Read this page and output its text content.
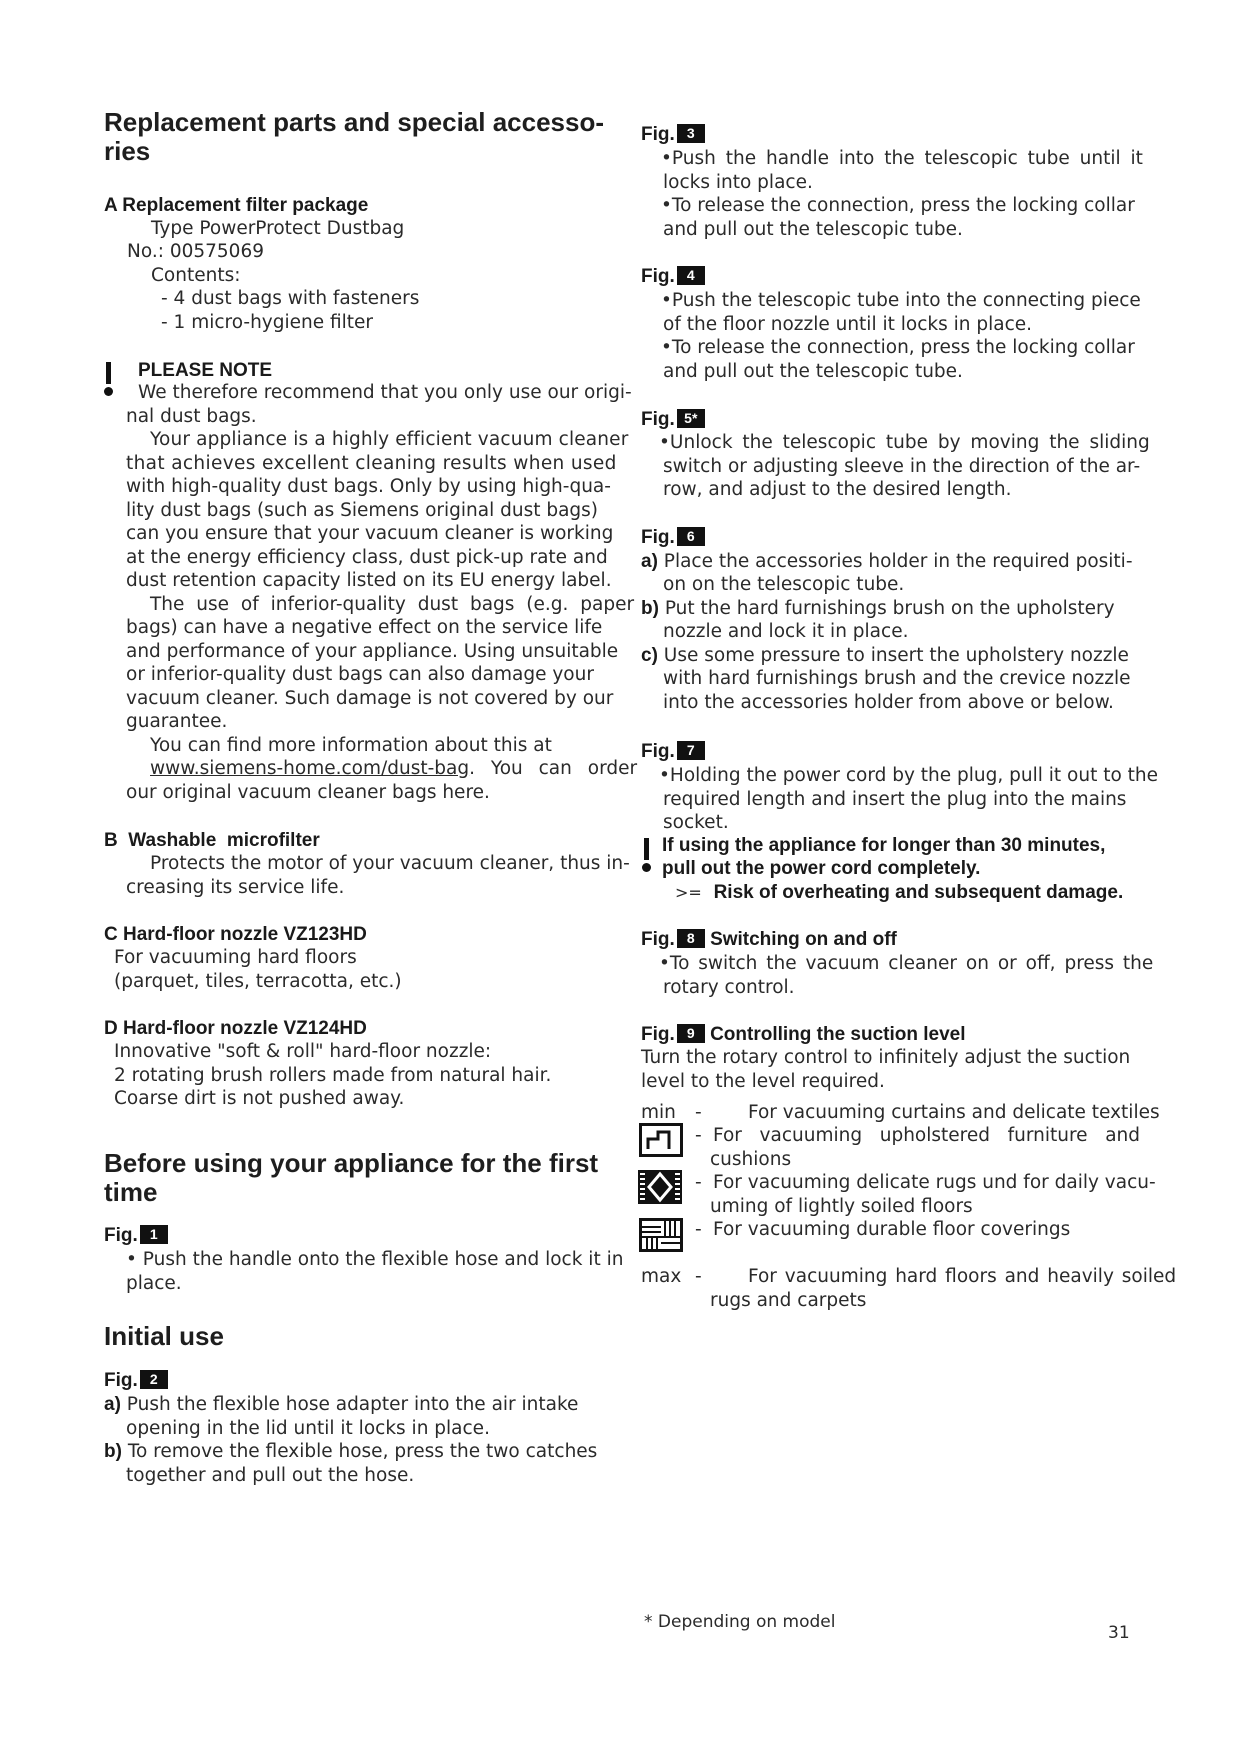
Replacement parts and special accesso-
ries
A Replacement filter package
Type PowerProtect Dustbag
No.: 00575069
Contents:
- 4 dust bags with fasteners
- 1 micro-hygiene filter
PLEASE NOTE
We therefore recommend that you only use our origi-
nal dust bags.
Your appliance is a highly efficient vacuum cleaner
that achieves excellent cleaning results when used
with high-quality dust bags. Only by using high-qua-
lity dust bags (such as Siemens original dust bags)
can you ensure that your vacuum cleaner is working
at the energy efficiency class, dust pick-up rate and
dust retention capacity listed on its EU energy label.
The use of inferior-quality dust bags (e.g. paper
bags) can have a negative effect on the service life
and performance of your appliance. Using unsuitable
or inferior-quality dust bags can also damage your
vacuum cleaner. Such damage is not covered by our
guarantee.
You can find more information about this at
www.siemens-home.com/dust-bag. You can order
our original vacuum cleaner bags here.
B  Washable  microfilter
Protects the motor of your vacuum cleaner, thus in-
creasing its service life.
C Hard-floor nozzle VZ123HD
For vacuuming hard floors
(parquet, tiles, terracotta, etc.)
D Hard-floor nozzle VZ124HD
Innovative "soft & roll" hard-floor nozzle:
2 rotating brush rollers made from natural hair.
Coarse dirt is not pushed away.
Before using your appliance for the first
time
Fig. 1
• Push the handle onto the flexible hose and lock it in
place.
Initial use
Fig. 2
a) Push the flexible hose adapter into the air intake
opening in the lid until it locks in place.
b) To remove the flexible hose, press the two catches
together and pull out the hose.
Fig. 3
•Push the handle into the telescopic tube until it
locks into place.
•To release the connection, press the locking collar
and pull out the telescopic tube.
Fig. 4
•Push the telescopic tube into the connecting piece
of the floor nozzle until it locks in place.
•To release the connection, press the locking collar
and pull out the telescopic tube.
Fig. 5*
•Unlock the telescopic tube by moving the sliding
switch or adjusting sleeve in the direction of the ar-
row, and adjust to the desired length.
Fig. 6
a) Place the accessories holder in the required positi-
on on the telescopic tube.
b) Put the hard furnishings brush on the upholstery
nozzle and lock it in place.
c) Use some pressure to insert the upholstery nozzle
with hard furnishings brush and the crevice nozzle
into the accessories holder from above or below.
Fig. 7
•Holding the power cord by the plug, pull it out to the
required length and insert the plug into the mains
socket.
If using the appliance for longer than 30 minutes,
pull out the power cord completely.
>= Risk of overheating and subsequent damage.
Fig. 8 Switching on and off
•To switch the vacuum cleaner on or off, press the
rotary control.
Fig. 9 Controlling the suction level
Turn the rotary control to infinitely adjust the suction
level to the level required.
min -	For vacuuming curtains and delicate textiles
- For   vacuuming   upholstered   furniture   and
cushions
- For vacuuming delicate rugs und for daily vacu-
uming of lightly soiled floors
- For vacuuming durable floor coverings
max -	For vacuuming hard floors and heavily soiled
rugs and carpets
* Depending on model
31
